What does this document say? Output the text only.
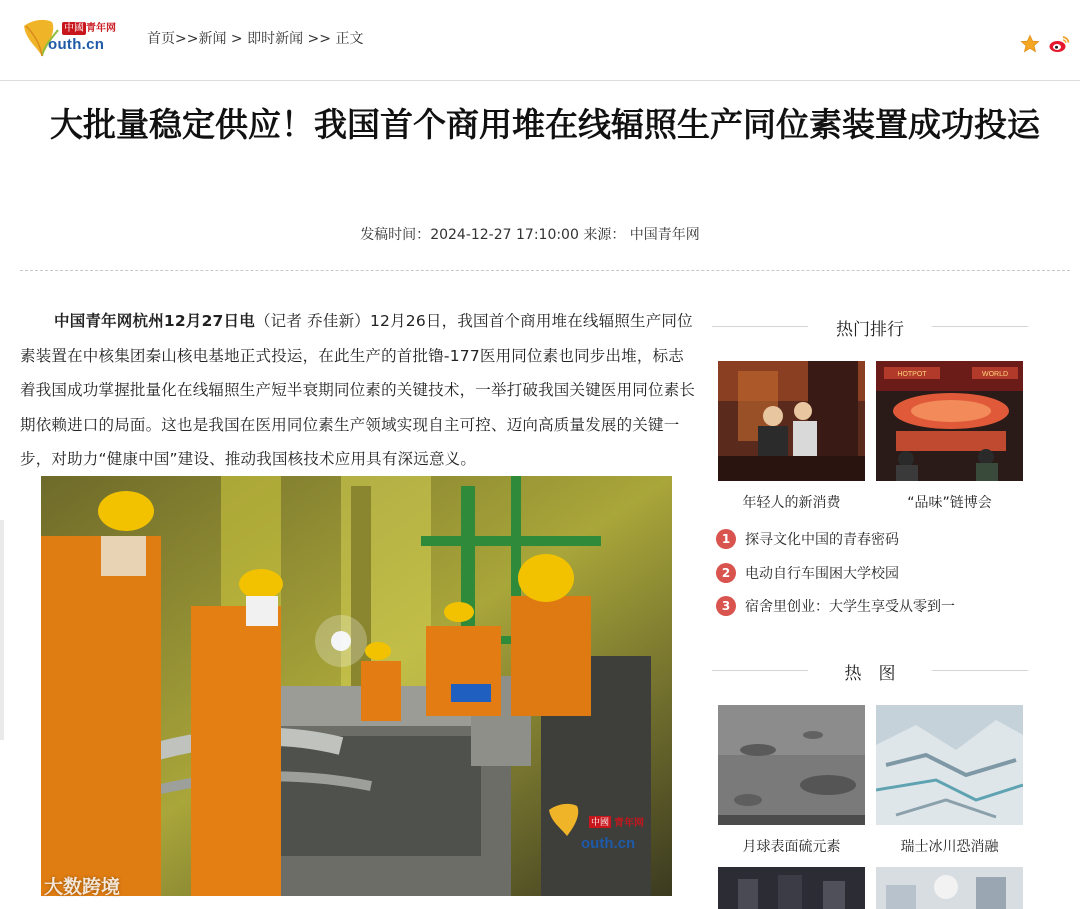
中國 青年网
outh.cn	首页>>新闻 > 即时新闻 >> 正文
大批量稳定供应！我国首个商用堆在线辐照生产同位素装置成功投运
发稿时间：2024-12-27 17:10:00 来源： 中国青年网

中国青年网杭州12月27日电（记者 乔佳新）12月26日，我国首个商用堆在线辐照生产同位素装置在中核集团秦山核电基地正式投运，在此生产的首批镥-177医用同位素也同步出堆，标志着我国成功掌握批量化在线辐照生产短半衰期同位素的关键技术，一举打破我国关键医用同位素长期依赖进口的局面。这也是我国在医用同位素生产领域实现自主可控、迈向高质量发展的关键一步，对助力“健康中国”建设、推动我国核技术应用具有深远意义。

中國 青年网
outh.cn
大数跨境
热门排行
年轻人的新消费
HOTPOT	WORLD
“品味”链博会
1	探寻文化中国的青春密码
2	电动自行车围困大学校园
3	宿舍里创业：大学生享受从零到一
热　图
月球表面硫元素	瑞士冰川恐消融
